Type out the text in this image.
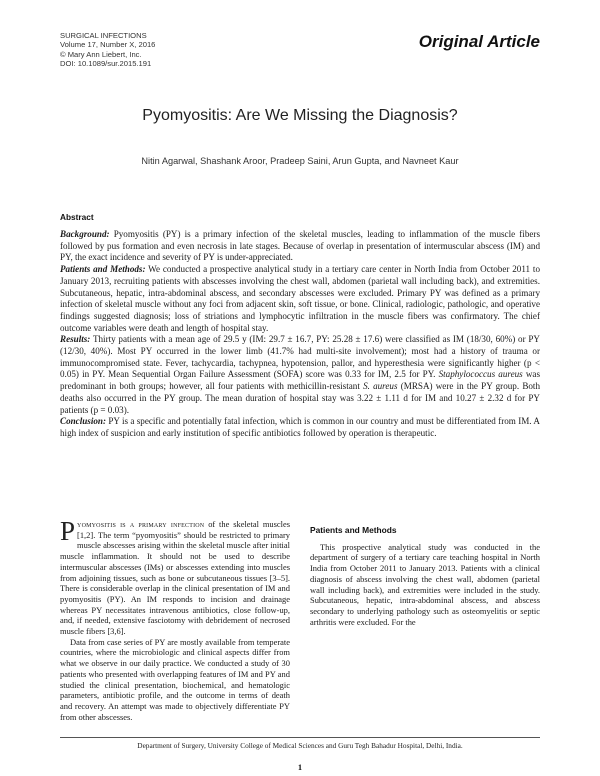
SURGICAL INFECTIONS
Volume 17, Number X, 2016
© Mary Ann Liebert, Inc.
DOI: 10.1089/sur.2015.191
Original Article
Pyomyositis: Are We Missing the Diagnosis?
Nitin Agarwal, Shashank Aroor, Pradeep Saini, Arun Gupta, and Navneet Kaur
Abstract

Background: Pyomyositis (PY) is a primary infection of the skeletal muscles, leading to inflammation of the muscle fibers followed by pus formation and even necrosis in late stages. Because of overlap in presentation of intermuscular abscess (IM) and PY, the exact incidence and severity of PY is under-appreciated.

Patients and Methods: We conducted a prospective analytical study in a tertiary care center in North India from October 2011 to January 2013, recruiting patients with abscesses involving the chest wall, abdomen (parietal wall including back), and extremities. Subcutaneous, hepatic, intra-abdominal abscess, and secondary abscesses were excluded. Primary PY was defined as a primary infection of skeletal muscle without any foci from adjacent skin, soft tissue, or bone. Clinical, radiologic, pathologic, and operative findings suggested diagnosis; loss of striations and lymphocytic infiltration in the muscle fibers was confirmatory. The chief outcome variables were death and length of hospital stay.

Results: Thirty patients with a mean age of 29.5 y (IM: 29.7 ± 16.7, PY: 25.28 ± 17.6) were classified as IM (18/30, 60%) or PY (12/30, 40%). Most PY occurred in the lower limb (41.7% had multi-site involvement); most had a history of trauma or immunocompromised state. Fever, tachycardia, tachypnea, hypotension, pallor, and hyperesthesia were significantly higher (p < 0.05) in PY. Mean Sequential Organ Failure Assessment (SOFA) score was 0.33 for IM, 2.5 for PY. Staphylococcus aureus was predominant in both groups; however, all four patients with methicillin-resistant S. aureus (MRSA) were in the PY group. Both deaths also occurred in the PY group. The mean duration of hospital stay was 3.22 ± 1.11 d for IM and 10.27 ± 2.32 d for PY patients (p = 0.03).

Conclusion: PY is a specific and potentially fatal infection, which is common in our country and must be differentiated from IM. A high index of suspicion and early institution of specific antibiotics followed by operation is therapeutic.

Pyomyositis is a primary infection of the skeletal muscles [1,2]. The term “pyomyositis” should be restricted to primary muscle abscesses arising within the skeletal muscle after initial muscle inflammation. It should not be used to describe intermuscular abscesses (IMs) or abscesses extending into muscles from adjoining tissues, such as bone or subcutaneous tissues [3–5]. There is considerable overlap in the clinical presentation of IM and pyomyositis (PY). An IM responds to incision and drainage whereas PY necessitates intravenous antibiotics, close follow-up, and, if needed, extensive fasciotomy with debridement of necrosed muscle fibers [3,6].

Data from case series of PY are mostly available from temperate countries, where the microbiologic and clinical aspects differ from what we observe in our daily practice. We conducted a study of 30 patients who presented with overlapping features of IM and PY and studied the clinical presentation, biochemical, and hematologic parameters, antibiotic profile, and the outcome in terms of death and recovery. An attempt was made to objectively differentiate PY from other abscesses.

Patients and Methods

This prospective analytical study was conducted in the department of surgery of a tertiary care teaching hospital in North India from October 2011 to January 2013. Patients with a clinical diagnosis of abscess involving the chest wall, abdomen (parietal wall including back), and extremities were included in the study. Subcutaneous, hepatic, intra-abdominal abscess, and abscess secondary to underlying pathology such as osteomyelitis or septic arthritis were excluded. For the

Department of Surgery, University College of Medical Sciences and Guru Tegh Bahadur Hospital, Delhi, India.
1
